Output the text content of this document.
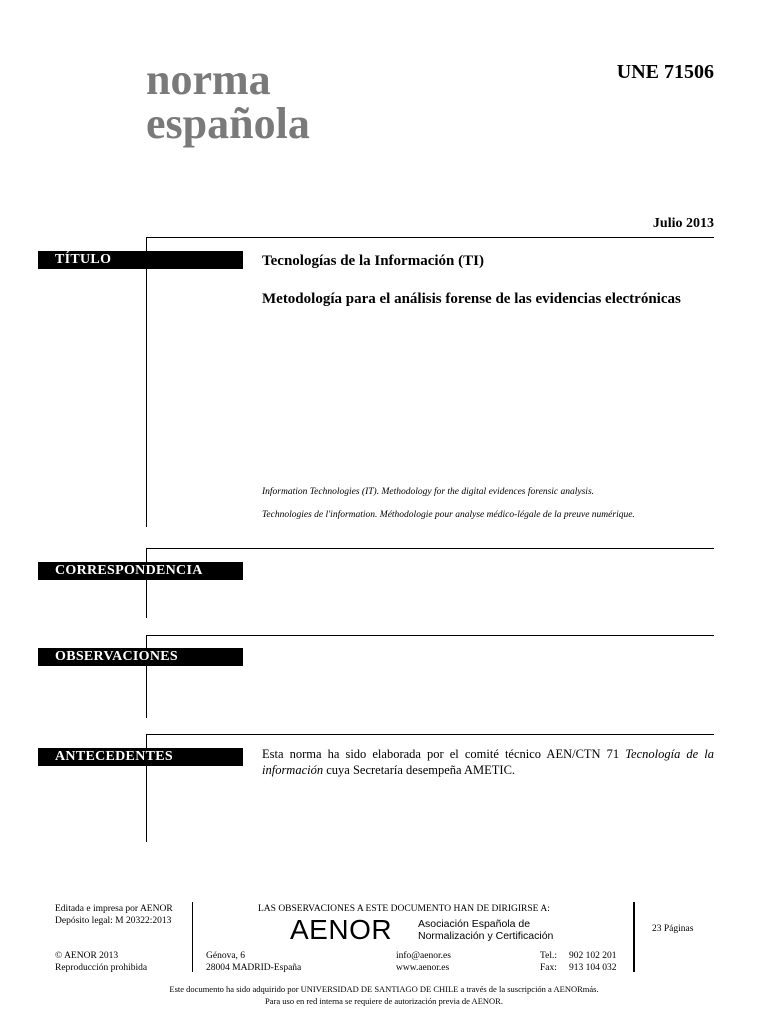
norma
española
UNE 71506
Julio 2013
TÍTULO	Tecnologías de la Información (TI)
Metodología para el análisis forense de las evidencias electrónicas
Information Technologies (IT). Methodology for the digital evidences forensic analysis.
Technologies de l'information. Méthodologie pour analyse médico-légale de la preuve numérique.
CORRESPONDENCIA
OBSERVACIONES
ANTECEDENTES	Esta norma ha sido elaborada por el comité técnico AEN/CTN 71 Tecnología de la información cuya Secretaría desempeña AMETIC.
Editada e impresa por AENOR
Depósito legal: M 20322:2013
© AENOR 2013
Reproducción prohibida
LAS OBSERVACIONES A ESTE DOCUMENTO HAN DE DIRIGIRSE A:
AENOR Asociación Española de
Normalización y Certificación
Génova, 6
28004 MADRID-España
info@aenor.es
www.aenor.es
Tel.:
Fax:
902 102 201
913 104 032
23 Páginas
Este documento ha sido adquirido por UNIVERSIDAD DE SANTIAGO DE CHILE a través de la suscripción a AENORmás.
Para uso en red interna se requiere de autorización previa de AENOR.
